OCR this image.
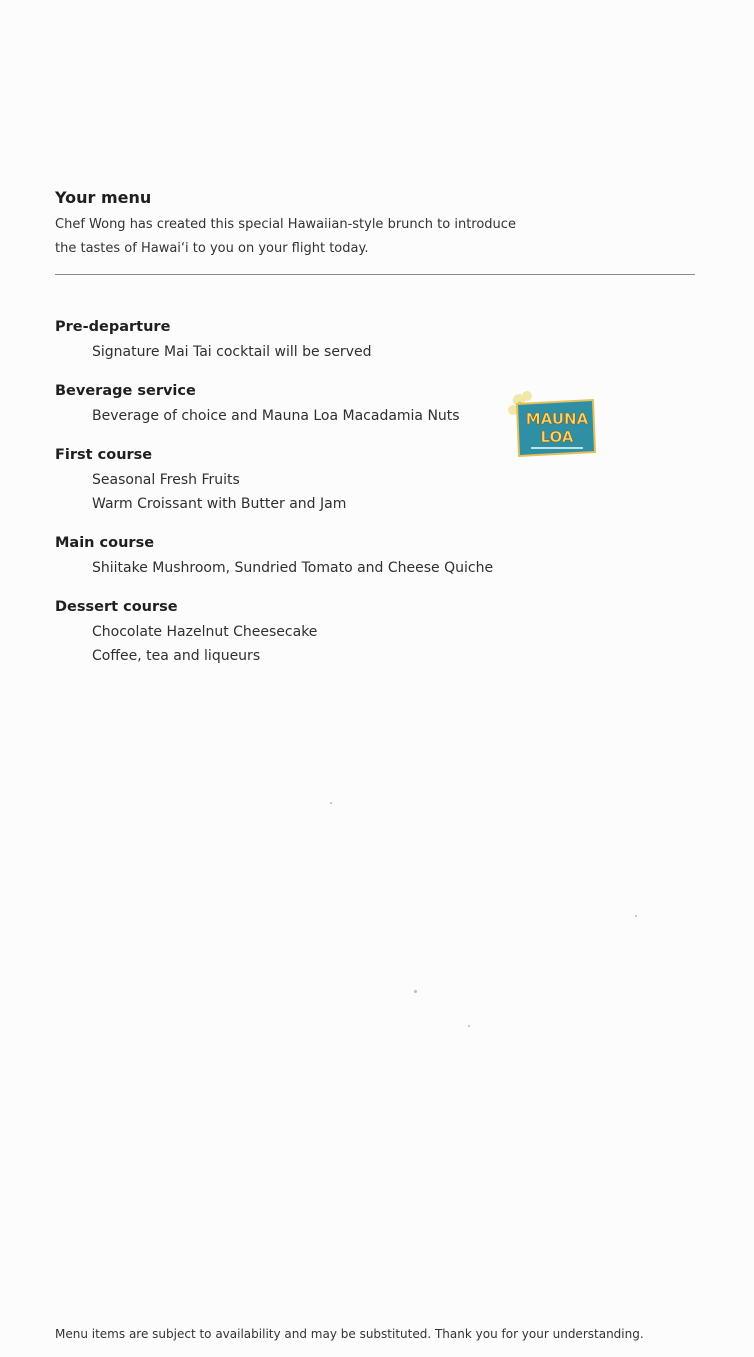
Your menu

Chef Wong has created this special Hawaiian-style brunch to introduce
the tastes of Hawai‘i to you on your flight today.

Pre-departure
Signature Mai Tai cocktail will be served
Beverage service
Beverage of choice and Mauna Loa Macadamia Nuts
First course
Seasonal Fresh Fruits
Warm Croissant with Butter and Jam
Main course
Shiitake Mushroom, Sundried Tomato and Cheese Quiche
Dessert course
Chocolate Hazelnut Cheesecake
Coffee, tea and liqueurs
MAUNA
LOA
Menu items are subject to availability and may be substituted. Thank you for your understanding.
